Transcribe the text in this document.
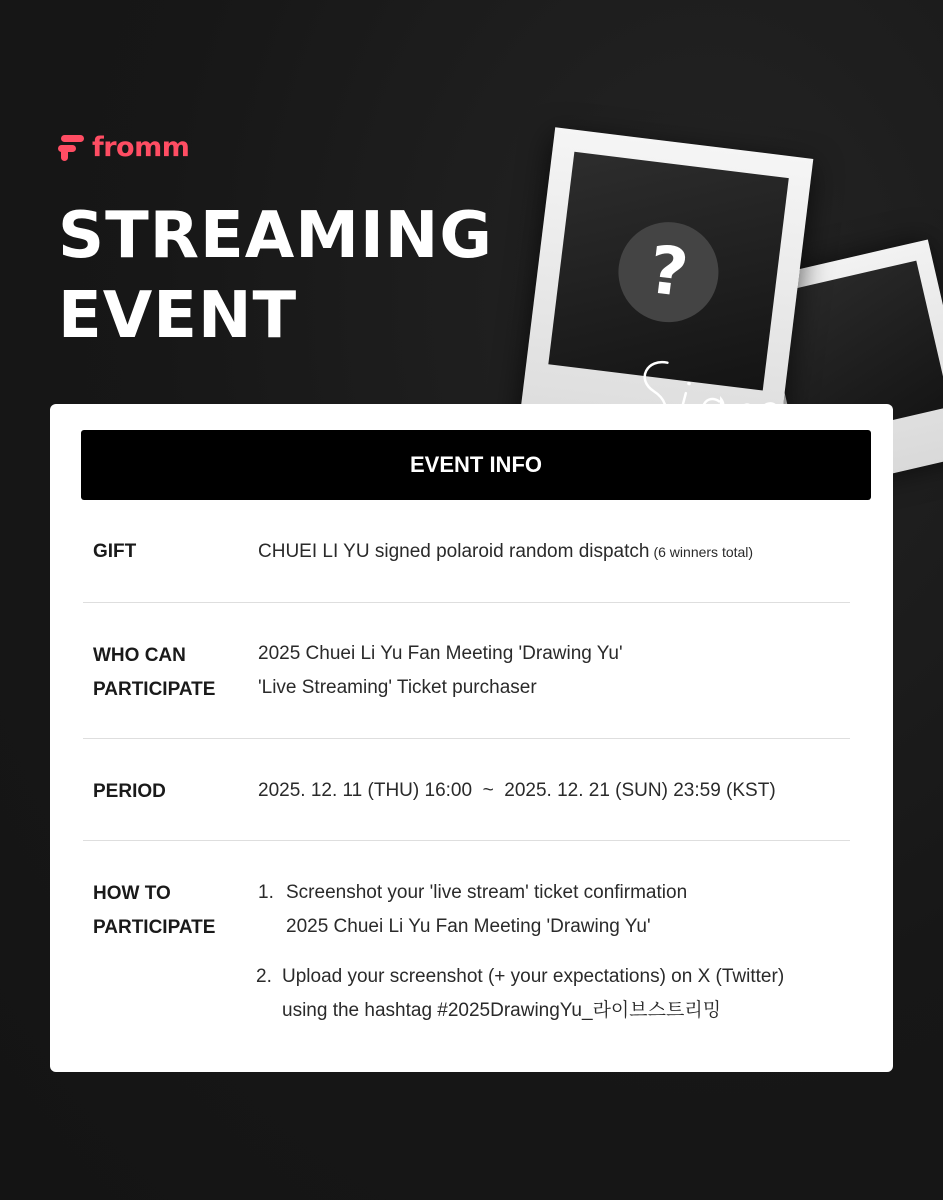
fromm
STREAMING
EVENT
?
EVENT INFO
GIFT	CHUEI LI YU signed polaroid random dispatch (6 winners total)
WHO CAN
PARTICIPATE
2025 Chuei Li Yu Fan Meeting 'Drawing Yu'
'Live Streaming' Ticket purchaser
PERIOD	2025. 12. 11 (THU) 16:00  ~  2025. 12. 21 (SUN) 23:59 (KST)
HOW TO
PARTICIPATE
1. Screenshot your 'live stream' ticket confirmation
2025 Chuei Li Yu Fan Meeting 'Drawing Yu'
2. Upload your screenshot (+ your expectations) on X (Twitter)
using the hashtag #2025DrawingYu_라이브스트리밍
